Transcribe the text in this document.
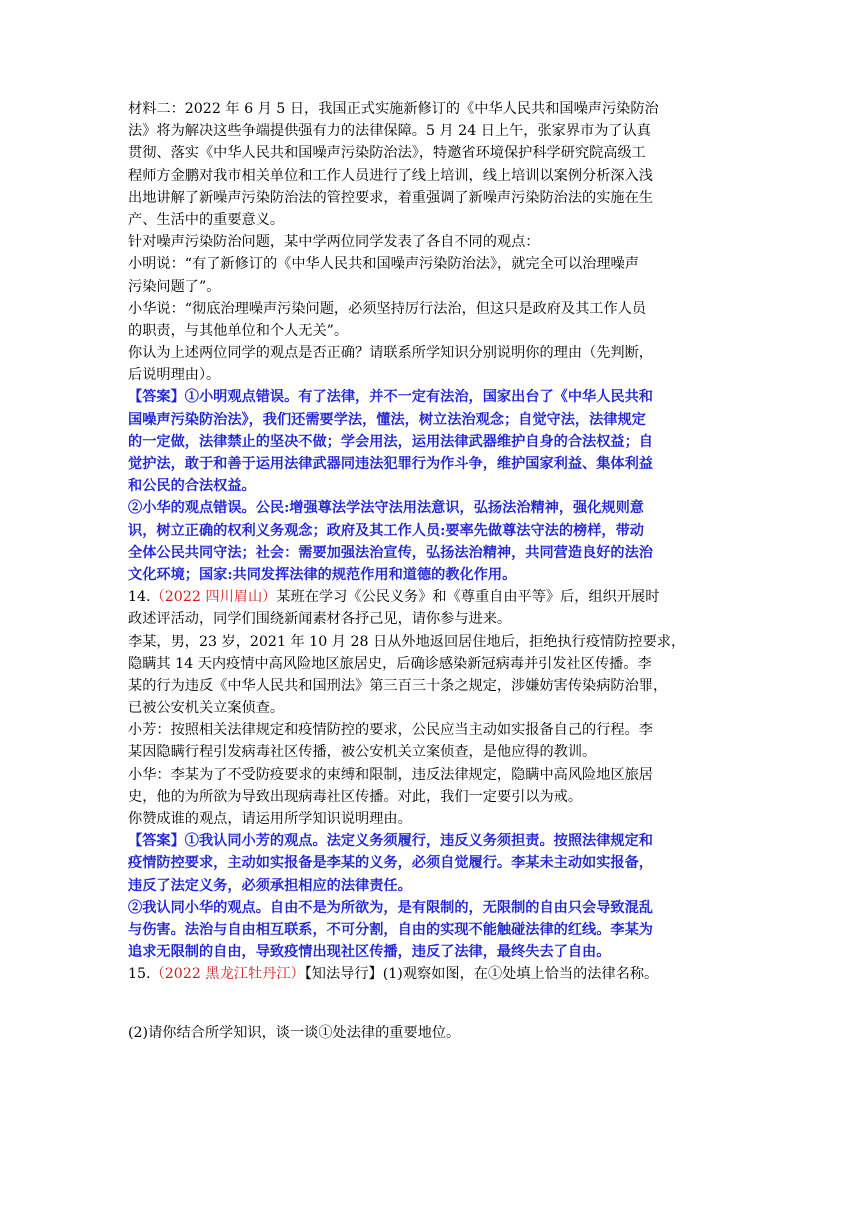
材料二：2022 年 6 月 5 日，我国正式实施新修订的《中华人民共和国噪声污染防治
法》将为解决这些争端提供强有力的法律保障。5 月 24 日上午，张家界市为了认真
贯彻、落实《中华人民共和国噪声污染防治法》，特邀省环境保护科学研究院高级工
程师方金鹏对我市相关单位和工作人员进行了线上培训，线上培训以案例分析深入浅
出地讲解了新噪声污染防治法的管控要求，着重强调了新噪声污染防治法的实施在生
产、生活中的重要意义。
针对噪声污染防治问题，某中学两位同学发表了各自不同的观点：
小明说：“有了新修订的《中华人民共和国噪声污染防治法》，就完全可以治理噪声
污染问题了”。
小华说：“彻底治理噪声污染问题，必须坚持厉行法治，但这只是政府及其工作人员
的职责，与其他单位和个人无关”。
你认为上述两位同学的观点是否正确？请联系所学知识分别说明你的理由（先判断，
后说明理由）。
【答案】①小明观点错误。有了法律，并不一定有法治，国家出台了《中华人民共和
国噪声污染防治法》，我们还需要学法，懂法，树立法治观念；自觉守法，法律规定
的一定做，法律禁止的坚决不做；学会用法，运用法律武器维护自身的合法权益；自
觉护法，敢于和善于运用法律武器同违法犯罪行为作斗争，维护国家利益、集体利益
和公民的合法权益。
②小华的观点错误。公民:增强尊法学法守法用法意识，弘扬法治精神，强化规则意
识，树立正确的权利义务观念；政府及其工作人员:要率先做尊法守法的榜样，带动
全体公民共同守法；社会：需要加强法治宣传，弘扬法治精神，共同营造良好的法治
文化环境；国家:共同发挥法律的规范作用和道德的教化作用。
14.（2022 四川眉山）某班在学习《公民义务》和《尊重自由平等》后，组织开展时
政述评活动，同学们围绕新闻素材各抒己见，请你参与进来。
李某，男，23 岁，2021 年 10 月 28 日从外地返回居住地后，拒绝执行疫情防控要求，
隐瞒其 14 天内疫情中高风险地区旅居史，后确诊感染新冠病毒并引发社区传播。李
某的行为违反《中华人民共和国刑法》第三百三十条之规定，涉嫌妨害传染病防治罪，
已被公安机关立案侦查。
小芳：按照相关法律规定和疫情防控的要求，公民应当主动如实报备自己的行程。李
某因隐瞒行程引发病毒社区传播，被公安机关立案侦查，是他应得的教训。
小华：李某为了不受防疫要求的束缚和限制，违反法律规定，隐瞒中高风险地区旅居
史，他的为所欲为导致出现病毒社区传播。对此，我们一定要引以为戒。
你赞成谁的观点，请运用所学知识说明理由。
【答案】①我认同小芳的观点。法定义务须履行，违反义务须担责。按照法律规定和
疫情防控要求，主动如实报备是李某的义务，必须自觉履行。李某未主动如实报备，
违反了法定义务，必须承担相应的法律责任。
②我认同小华的观点。自由不是为所欲为，是有限制的，无限制的自由只会导致混乱
与伤害。法治与自由相互联系，不可分割，自由的实现不能触碰法律的红线。李某为
追求无限制的自由，导致疫情出现社区传播，违反了法律，最终失去了自由。
15.（2022 黑龙江牡丹江）【知法导行】(1)观察如图，在①处填上恰当的法律名称。
(2)请你结合所学知识，谈一谈①处法律的重要地位。
